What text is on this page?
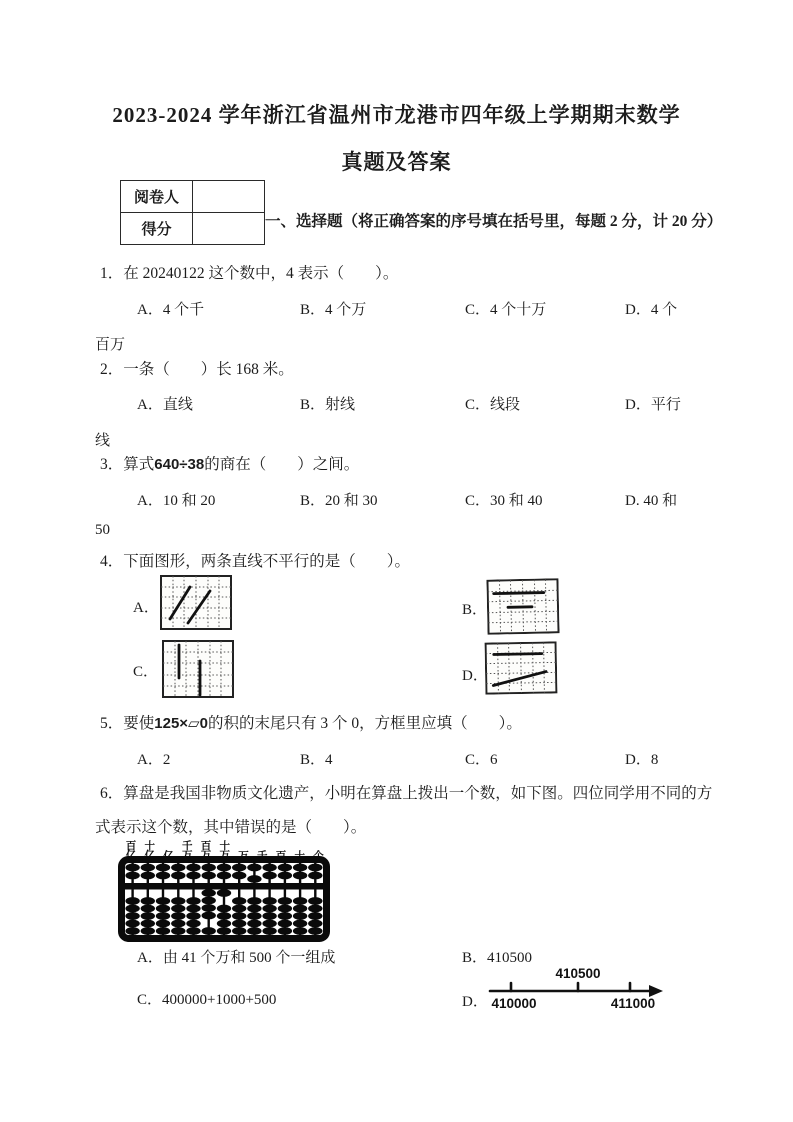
2023-2024 学年浙江省温州市龙港市四年级上学期期末数学
真题及答案
阅卷人	
得分		一、选择题（将正确答案的序号填在括号里，每题 2 分，计 20 分）
1．在 20240122 这个数中，4 表示（　　）。
A．4 个千	B．4 个万	C．4 个十万	D．4 个
百万
2．一条（　　）长 168 米。
A．直线	B．射线	C．线段	D．平行
线
3．算式640÷38的商在（　　）之间。
A．10 和 20	B．20 和 30	C．30 和 40	D. 40 和
50
4．下面图形，两条直线不平行的是（　　）。
A．	B．
C．	D．
5．要使125×▱0的积的末尾只有 3 个 0，方框里应填（　　）。
A．2	B．4	C．6	D．8
6．算盘是我国非物质文化遗产，小明在算盘上拨出一个数，如下图。四位同学用不同的方
式表示这个数，其中错误的是（　　）。
百亿 十亿 亿 千万 百万 十万 万 千 百 十 个
A．由 41 个万和 500 个一组成	B．410500
C．400000+1000+500	D．
410500
410000	411000
